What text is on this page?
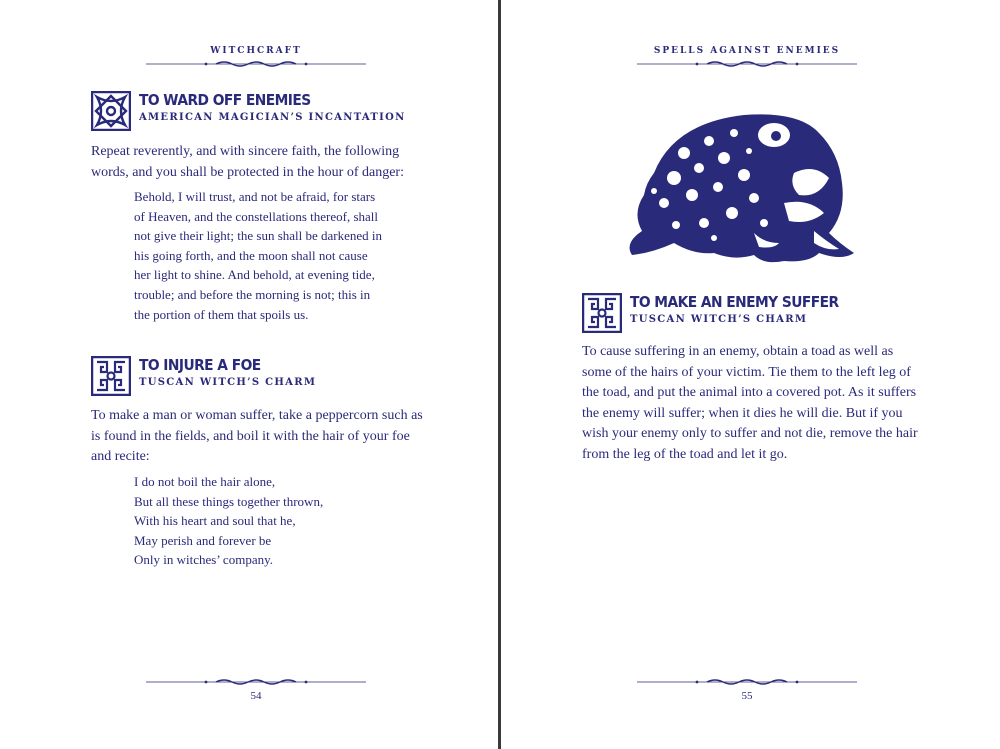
WITCHCRAFT
TO WARD OFF ENEMIES
AMERICAN MAGICIAN’S INCANTATION

Repeat reverently, and with sincere faith, the following words, and you shall be protected in the hour of danger:

Behold, I will trust, and not be afraid, for stars
of Heaven, and the constellations thereof, shall
not give their light; the sun shall be darkened in
his going forth, and the moon shall not cause
her light to shine. And behold, at evening tide,
trouble; and before the morning is not; this in
the portion of them that spoils us.
TO INJURE A FOE
TUSCAN WITCH’S CHARM

To make a man or woman suffer, take a peppercorn such as is found in the fields, and boil it with the hair of your foe and recite:

I do not boil the hair alone,
But all these things together thrown,
With his heart and soul that he,
May perish and forever be
Only in witches’ company.
54
SPELLS AGAINST ENEMIES
TO MAKE AN ENEMY SUFFER
TUSCAN WITCH’S CHARM

To cause suffering in an enemy, obtain a toad as well as some of the hairs of your victim. Tie them to the left leg of the toad, and put the animal into a covered pot. As it suffers the enemy will suffer; when it dies he will die. But if you wish your enemy only to suffer and not die, remove the hair from the leg of the toad and let it go.

55
